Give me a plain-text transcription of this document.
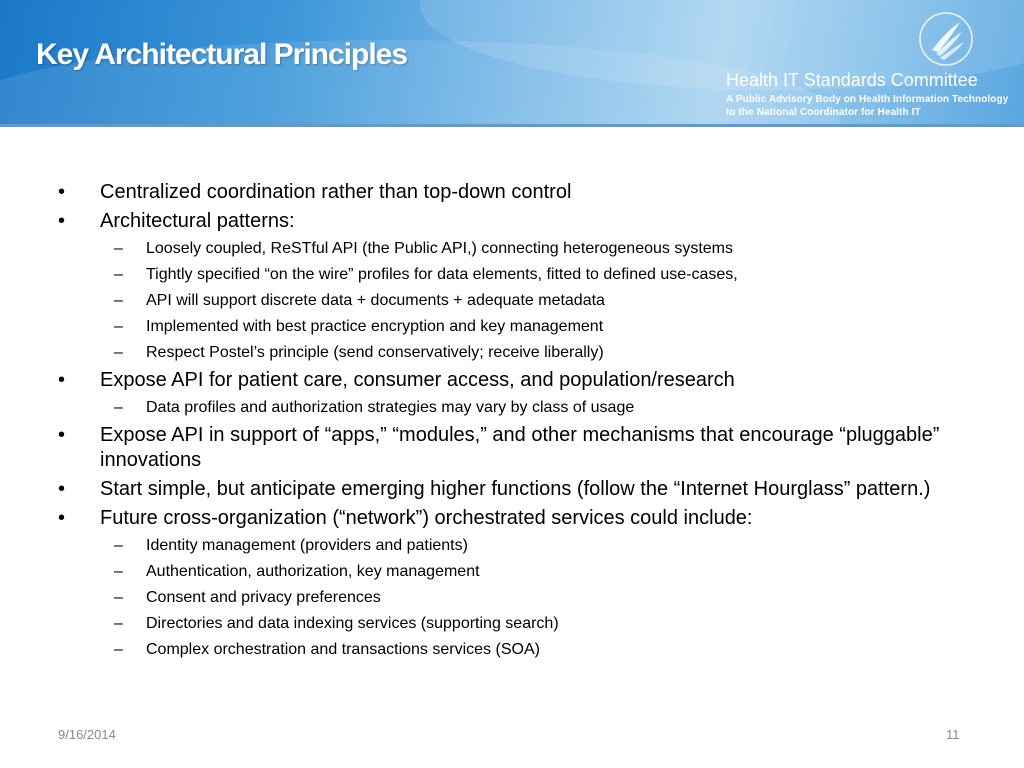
Key Architectural Principles
Health IT Standards Committee
A Public Advisory Body on Health Information Technology
to the National Coordinator for Health IT
•	Centralized coordination rather than top-down control
•	Architectural patterns:
– Loosely coupled, ReSTful API (the Public API,) connecting heterogeneous systems
– Tightly specified “on the wire” profiles for data elements, fitted to defined use-cases,
– API will support discrete data + documents + adequate metadata
– Implemented with best practice encryption and key management
– Respect Postel’s principle (send conservatively; receive liberally)
•	Expose API for patient care, consumer access, and population/research
– Data profiles and authorization strategies may vary by class of usage
•	Expose API in support of “apps,” “modules,” and other mechanisms that encourage “pluggable” innovations
•	Start simple, but anticipate emerging higher functions (follow the “Internet Hourglass” pattern.)
•	Future cross-organization (“network”) orchestrated services could include:
– Identity management (providers and patients)
– Authentication, authorization, key management
– Consent and privacy preferences
– Directories and data indexing services (supporting search)
– Complex orchestration and transactions services (SOA)
9/16/2014	11
